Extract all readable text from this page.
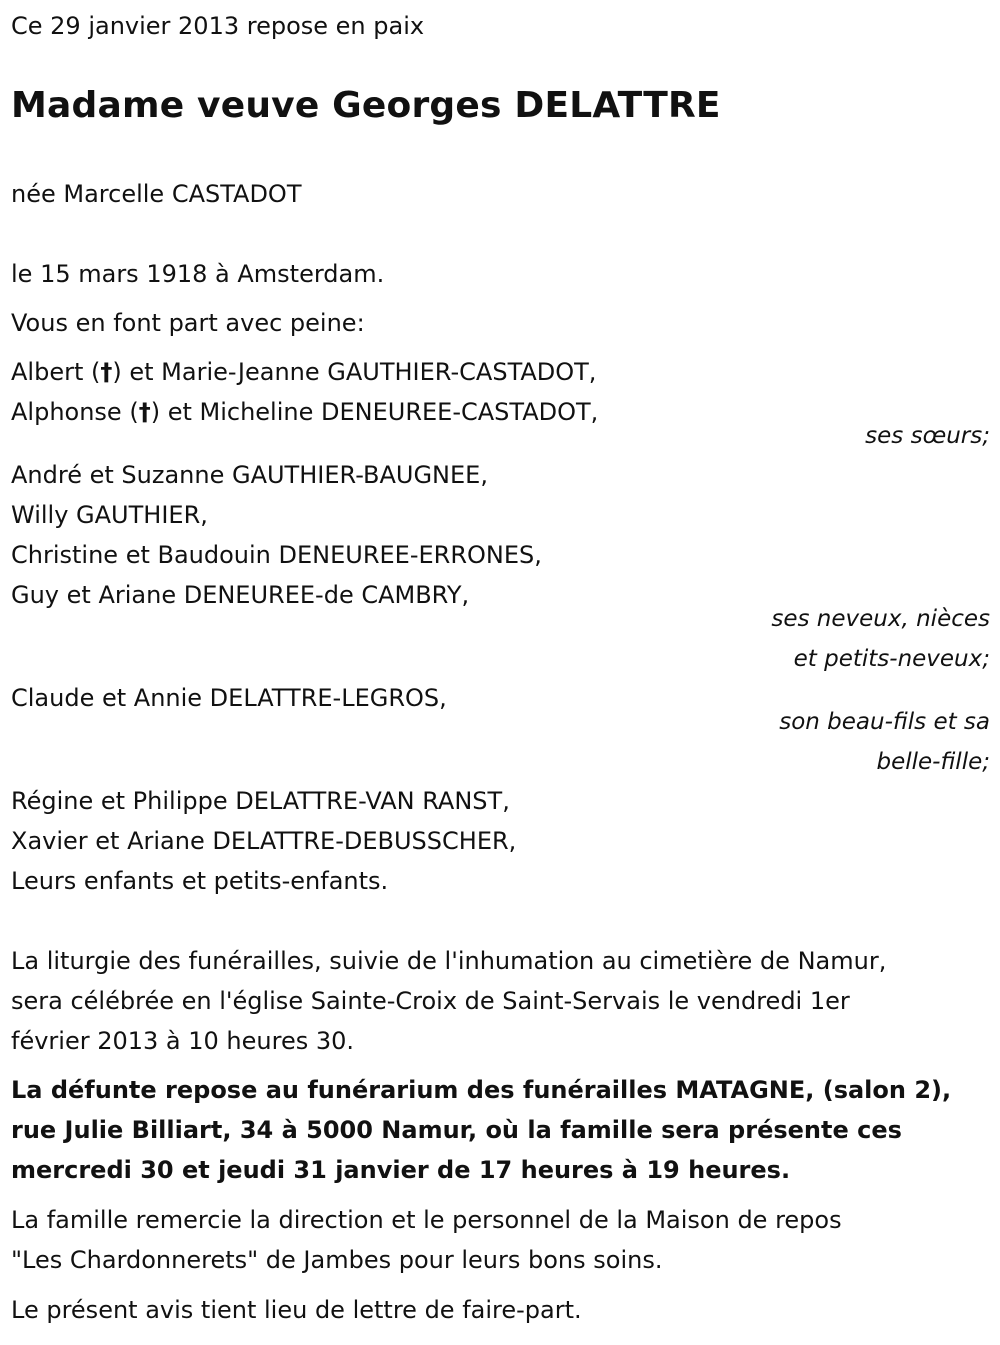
Ce 29 janvier 2013 repose en paix

Madame veuve Georges DELATTRE

née Marcelle CASTADOT

le 15 mars 1918 à Amsterdam.

Vous en font part avec peine:

Albert (†) et Marie-Jeanne GAUTHIER-CASTADOT,

Alphonse (†) et Micheline DENEUREE-CASTADOT,

ses sœurs;

André et Suzanne GAUTHIER-BAUGNEE,

Willy GAUTHIER,

Christine et Baudouin DENEUREE-ERRONES,

Guy et Ariane DENEUREE-de CAMBRY,

ses neveux, nièces
et petits-neveux;

Claude et Annie DELATTRE-LEGROS,

son beau-fils et sa
belle-fille;

Régine et Philippe DELATTRE-VAN RANST,

Xavier et Ariane DELATTRE-DEBUSSCHER,

Leurs enfants et petits-enfants.

La liturgie des funérailles, suivie de l'inhumation au cimetière de Namur,

sera célébrée en l'église Sainte-Croix de Saint-Servais le vendredi 1er

février 2013 à 10 heures 30.

La défunte repose au funérarium des funérailles MATAGNE, (salon 2),

rue Julie Billiart, 34 à 5000 Namur, où la famille sera présente ces

mercredi 30 et jeudi 31 janvier de 17 heures à 19 heures.

La famille remercie la direction et le personnel de la Maison de repos

"Les Chardonnerets" de Jambes pour leurs bons soins.

Le présent avis tient lieu de lettre de faire-part.
